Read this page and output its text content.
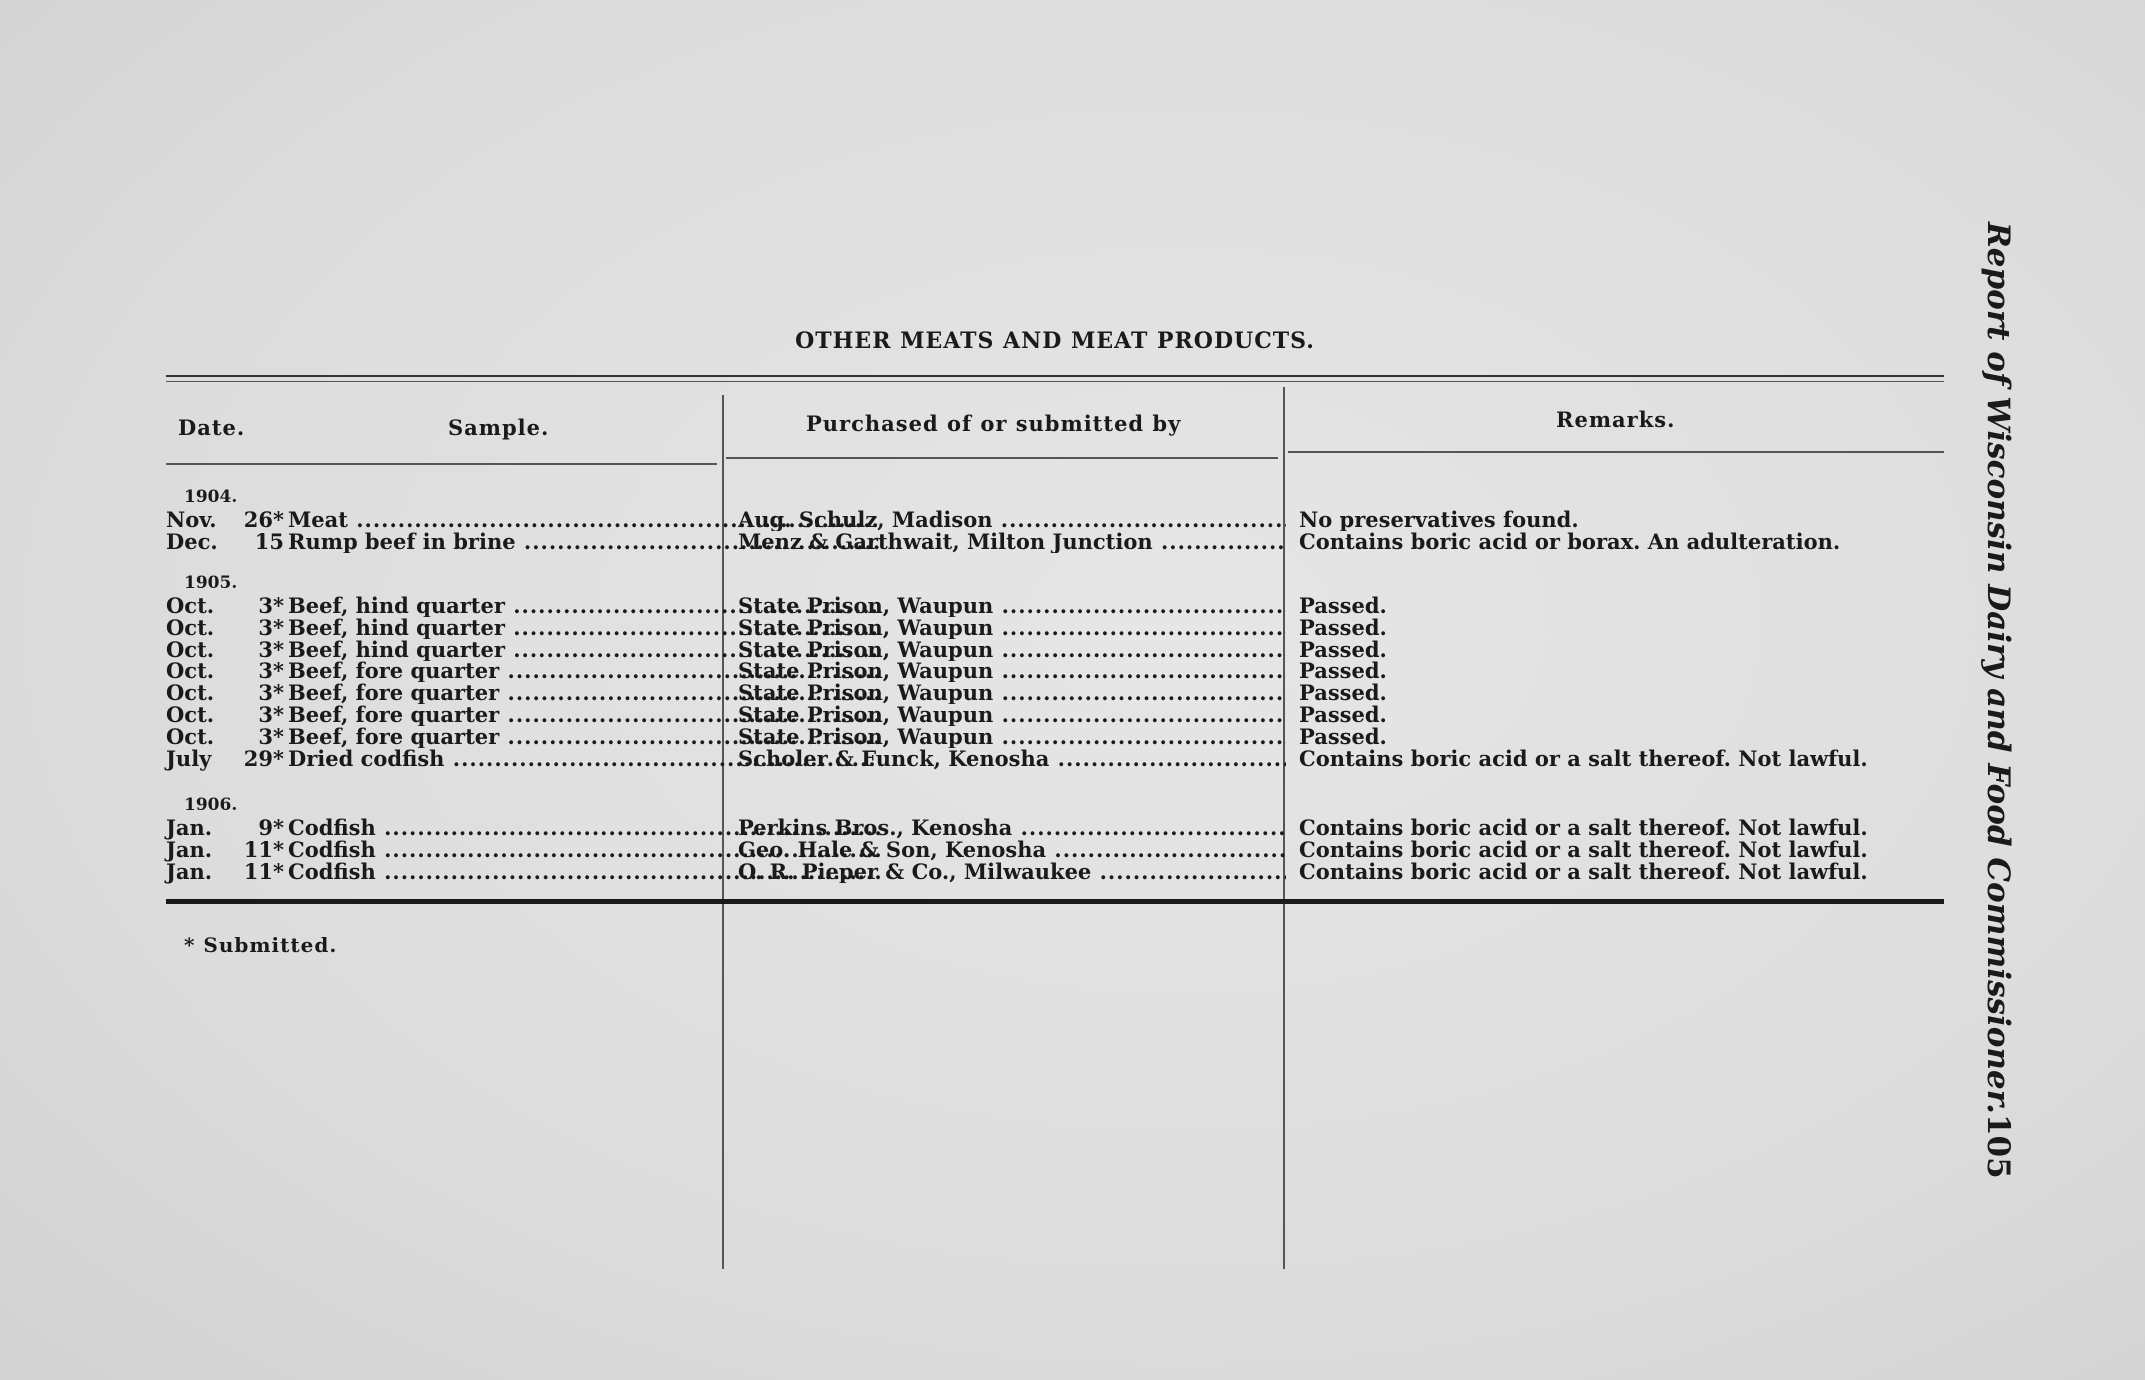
OTHER MEATS AND MEAT PRODUCTS.
Date.	Sample.	Purchased of or submitted by	Remarks.
1904.
Nov.	26* Meat .....	Aug. Schulz, Madison .....	No preservatives found.
Dec.	15 Rump beef in brine .....	Menz & Garthwait, Milton Junction .....	Contains boric acid or borax. An adulteration.
1905.
Oct.	3* Beef, hind quarter .....	State Prison, Waupun .....	Passed.
Oct.	3* Beef, hind quarter .....	State Prison, Waupun .....	Passed.
Oct.	3* Beef, hind quarter .....	State Prison, Waupun .....	Passed.
Oct.	3* Beef, fore quarter .....	State Prison, Waupun .....	Passed.
Oct.	3* Beef, fore quarter .....	State Prison, Waupun .....	Passed.
Oct.	3* Beef, fore quarter .....	State Prison, Waupun .....	Passed.
Oct.	3* Beef, fore quarter .....	State Prison, Waupun .....	Passed.
July	29* Dried codfish .....	Scholer & Funck, Kenosha .....	Contains boric acid or a salt thereof. Not lawful.
1906.
Jan.	9* Codfish .....	Perkins Bros., Kenosha .....	Contains boric acid or a salt thereof. Not lawful.
Jan.	11* Codfish .....	Geo. Hale & Son, Kenosha .....	Contains boric acid or a salt thereof. Not lawful.
Jan.	11* Codfish .....	O. R. Pieper & Co., Milwaukee .....	Contains boric acid or a salt thereof. Not lawful.
* Submitted.	Report of Wisconsin Dairy and Food Commissioner.
105
